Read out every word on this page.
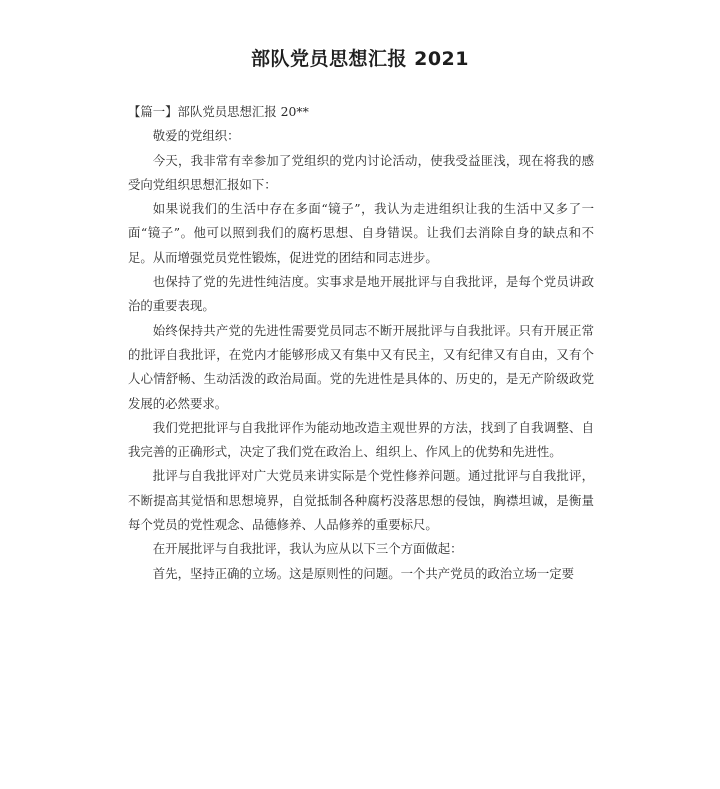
部队党员思想汇报 2021

【篇一】部队党员思想汇报 20**

敬爱的党组织：

今天，我非常有幸参加了党组织的党内讨论活动，使我受益匪浅，现在将我的感受向党组织思想汇报如下：

如果说我们的生活中存在多面“镜子”，我认为走进组织让我的生活中又多了一面“镜子”。他可以照到我们的腐朽思想、自身错误。让我们去消除自身的缺点和不足。从而增强党员党性锻炼，促进党的团结和同志进步。

也保持了党的先进性纯洁度。实事求是地开展批评与自我批评，是每个党员讲政治的重要表现。

始终保持共产党的先进性需要党员同志不断开展批评与自我批评。只有开展正常的批评自我批评，在党内才能够形成又有集中又有民主，又有纪律又有自由，又有个人心情舒畅、生动活泼的政治局面。党的先进性是具体的、历史的，是无产阶级政党发展的必然要求。

我们党把批评与自我批评作为能动地改造主观世界的方法，找到了自我调整、自我完善的正确形式，决定了我们党在政治上、组织上、作风上的优势和先进性。

批评与自我批评对广大党员来讲实际是个党性修养问题。通过批评与自我批评，不断提高其觉悟和思想境界，自觉抵制各种腐朽没落思想的侵蚀，胸襟坦诚，是衡量每个党员的党性观念、品德修养、人品修养的重要标尺。

在开展批评与自我批评，我认为应从以下三个方面做起：

首先，坚持正确的立场。这是原则性的问题。一个共产党员的政治立场一定要
